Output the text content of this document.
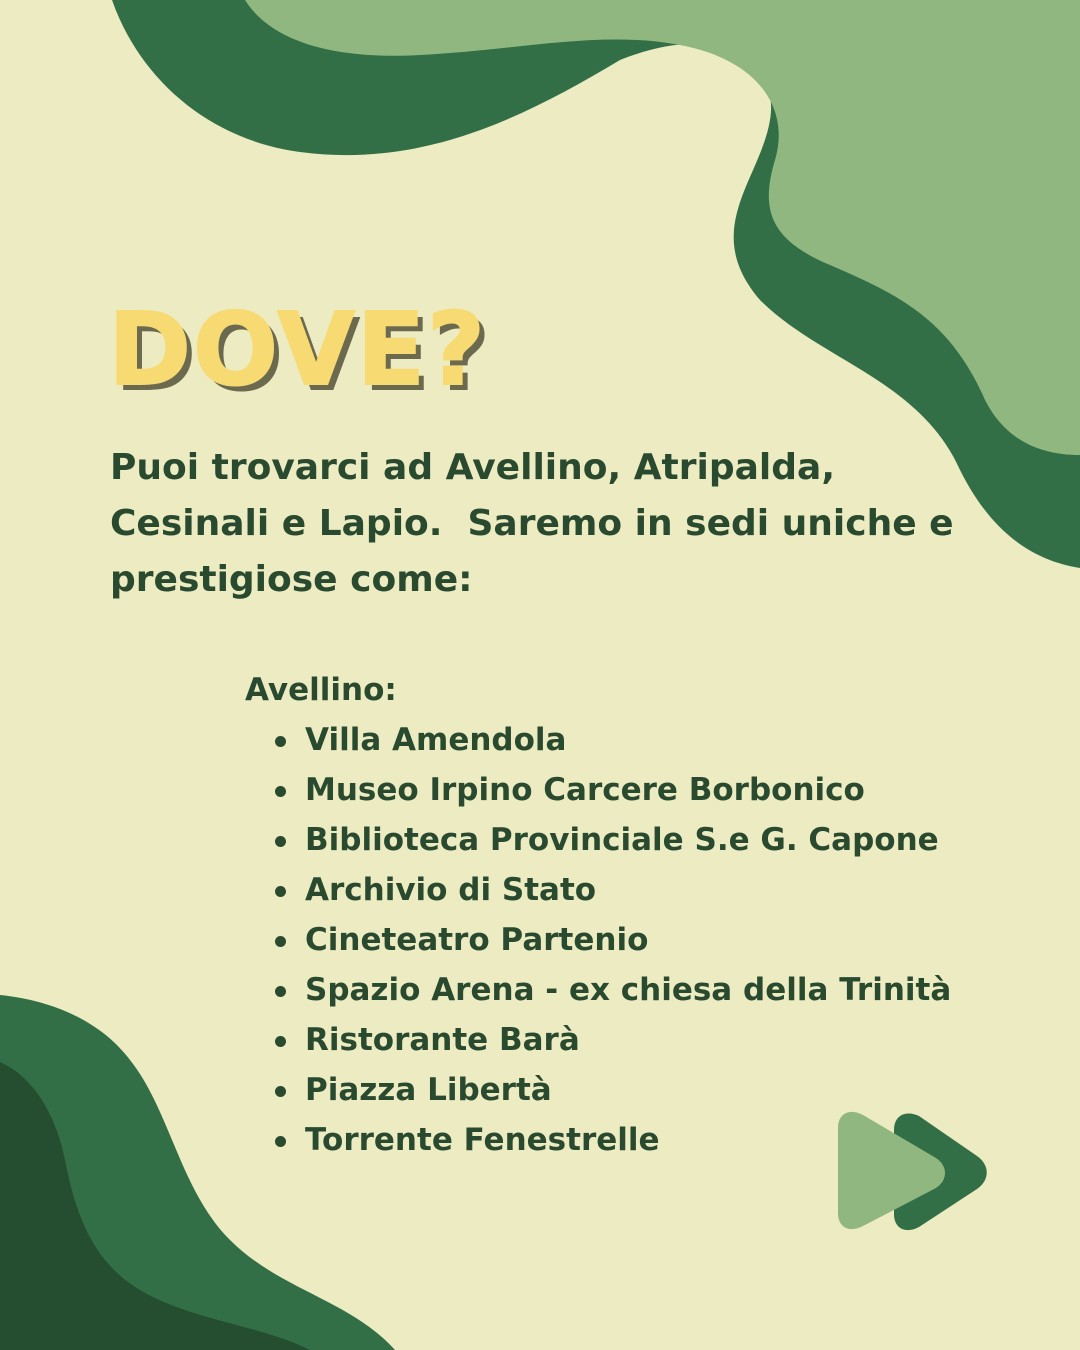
DOVE?
Puoi trovarci ad Avellino, Atripalda,
Cesinali e Lapio.  Saremo in sedi uniche e
prestigiose come:

Avellino:

Villa Amendola
Museo Irpino Carcere Borbonico
Biblioteca Provinciale S.e G. Capone
Archivio di Stato
Cineteatro Partenio
Spazio Arena - ex chiesa della Trinità
Ristorante Barà
Piazza Libertà
Torrente Fenestrelle
